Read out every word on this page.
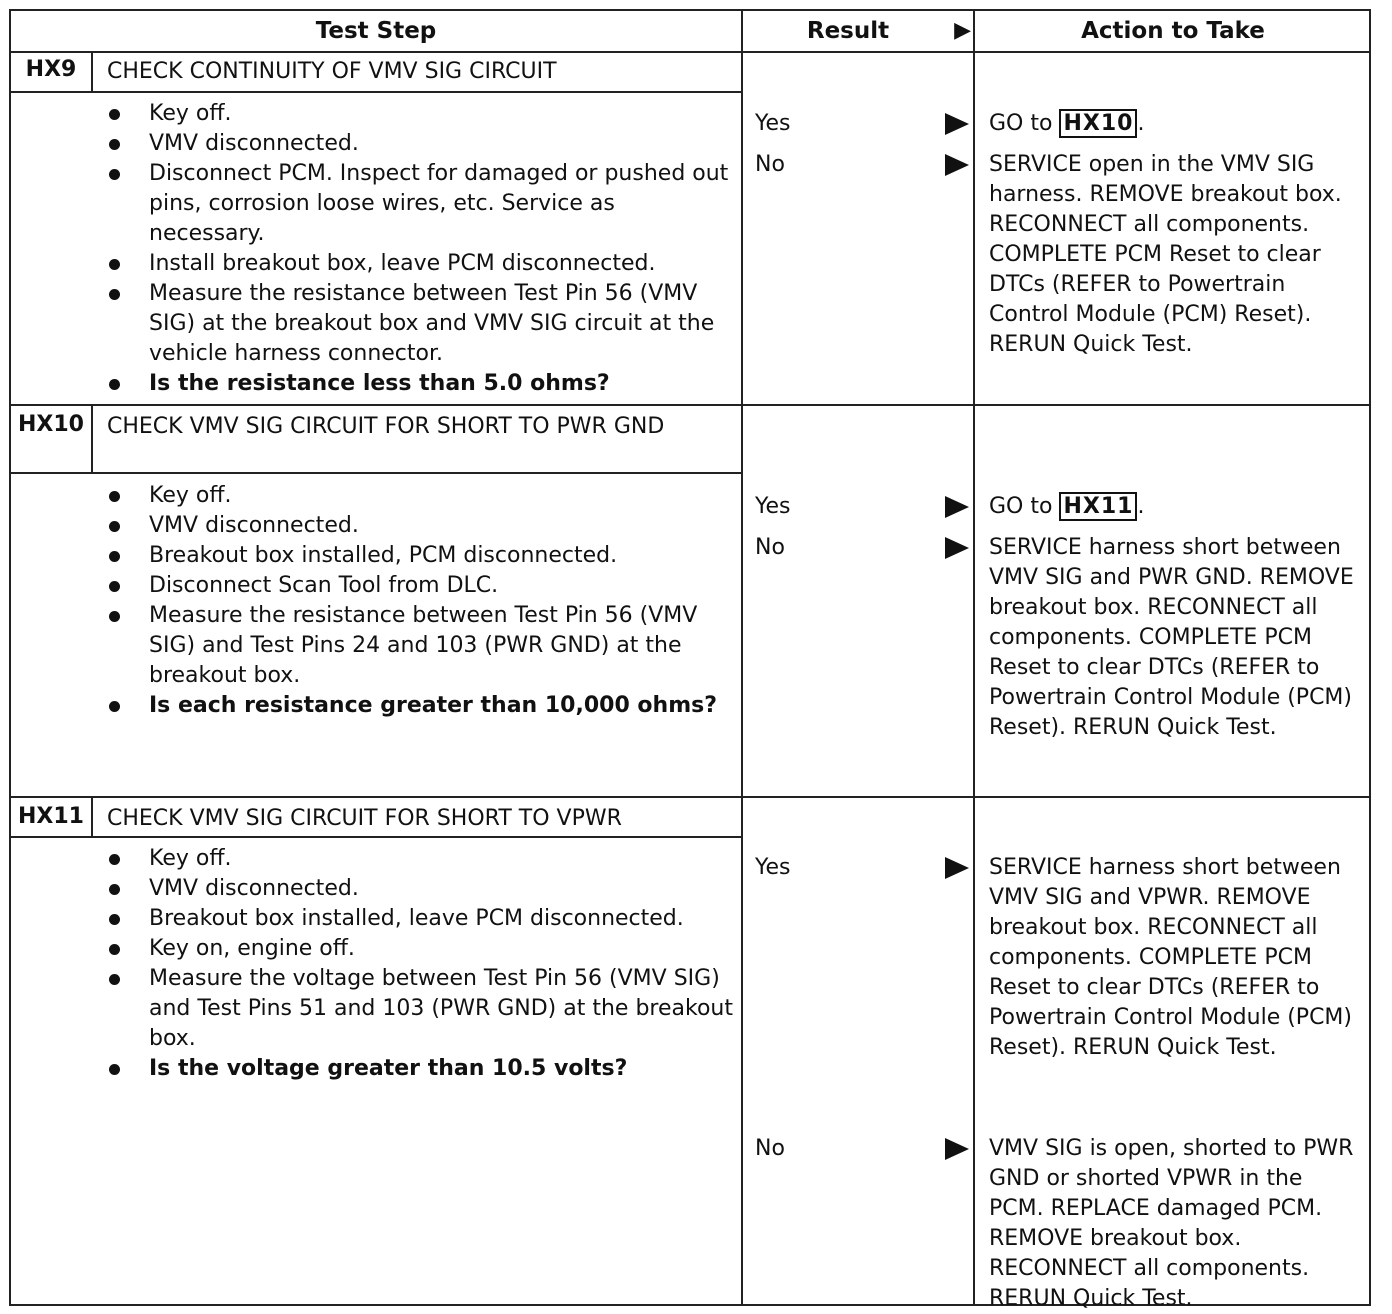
Test Step	Result	▶	Action to Take
HX9	CHECK CONTINUITY OF VMV SIG CIRCUIT
Key off.
VMV disconnected.
Disconnect PCM. Inspect for damaged or pushed out pins, corrosion loose wires, etc. Service as necessary.
Install breakout box, leave PCM disconnected.
Measure the resistance between Test Pin 56 (VMV SIG) at the breakout box and VMV SIG circuit at the vehicle harness connector.
Is the resistance less than 5.0 ohms?
Yes	GO to HX10 .
No	SERVICE open in the VMV SIG harness. REMOVE breakout box. RECONNECT all components. COMPLETE PCM Reset to clear DTCs (REFER to Powertrain Control Module (PCM) Reset). RERUN Quick Test.
HX10	CHECK VMV SIG CIRCUIT FOR SHORT TO PWR GND
Key off.
VMV disconnected.
Breakout box installed, PCM disconnected.
Disconnect Scan Tool from DLC.
Measure the resistance between Test Pin 56 (VMV SIG) and Test Pins 24 and 103 (PWR GND) at the breakout box.
Is each resistance greater than 10,000 ohms?
Yes	GO to HX11 .
No	SERVICE harness short between VMV SIG and PWR GND. REMOVE breakout box. RECONNECT all components. COMPLETE PCM Reset to clear DTCs (REFER to Powertrain Control Module (PCM) Reset). RERUN Quick Test.
HX11	CHECK VMV SIG CIRCUIT FOR SHORT TO VPWR
Key off.
VMV disconnected.
Breakout box installed, leave PCM disconnected.
Key on, engine off.
Measure the voltage between Test Pin 56 (VMV SIG) and Test Pins 51 and 103 (PWR GND) at the breakout box.
Is the voltage greater than 10.5 volts?
Yes	SERVICE harness short between VMV SIG and VPWR. REMOVE breakout box. RECONNECT all components. COMPLETE PCM Reset to clear DTCs (REFER to Powertrain Control Module (PCM) Reset). RERUN Quick Test.
No	VMV SIG is open, shorted to PWR GND or shorted VPWR in the PCM. REPLACE damaged PCM. REMOVE breakout box. RECONNECT all components. RERUN Quick Test.
